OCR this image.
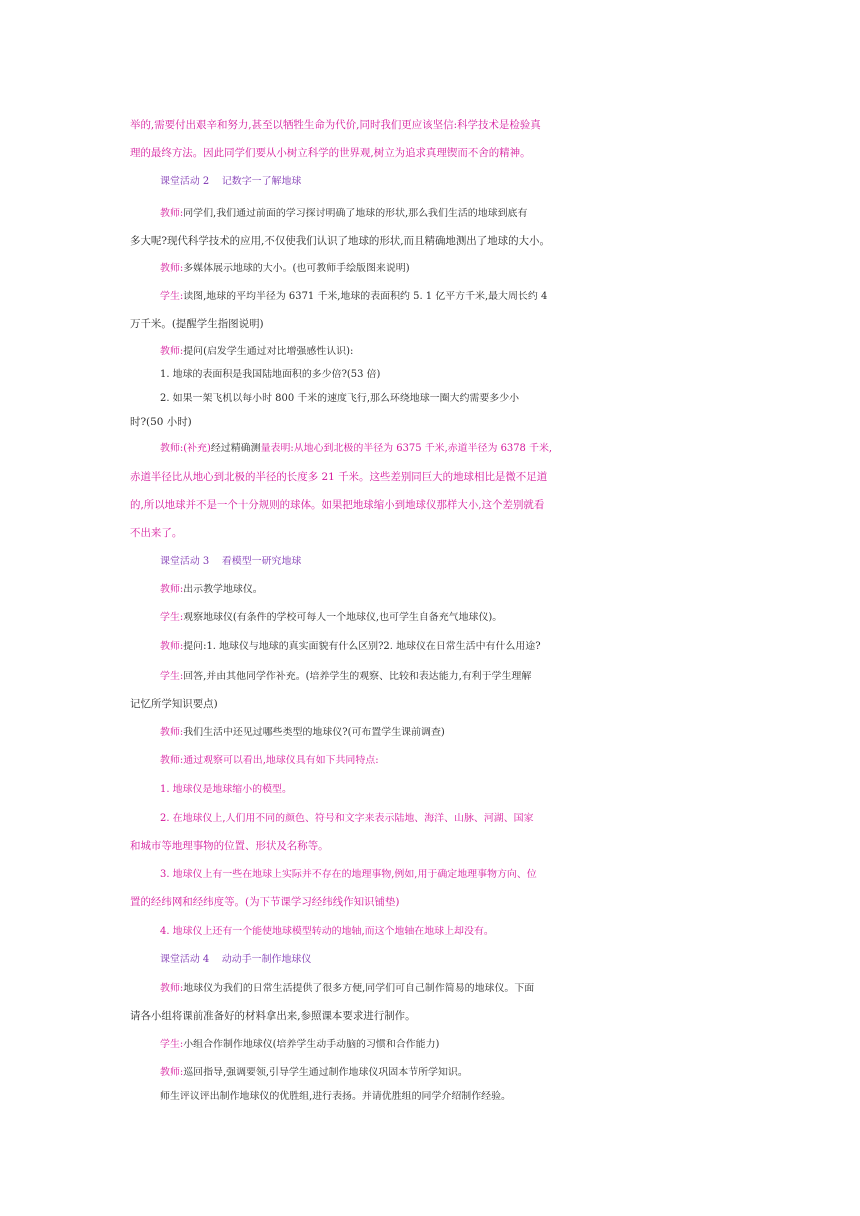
举的,需要付出艰辛和努力,甚至以牺牲生命为代价,同时我们更应该坚信:科学技术是检验真
理的最终方法。因此同学们要从小树立科学的世界观,树立为追求真理锲而不舍的精神。
课堂活动 2    记数字一了解地球
教师:同学们,我们通过前面的学习探讨明确了地球的形状,那么我们生活的地球到底有
多大呢?现代科学技术的应用,不仅使我们认识了地球的形状,而且精确地测出了地球的大小。
教师:多媒体展示地球的大小。(也可教师手绘版图来说明)
学生:读图,地球的平均半径为 6371 千米,地球的表面积约 5. 1 亿平方千米,最大周长约 4
万千米。(提醒学生指图说明)
教师:提问(启发学生通过对比增强感性认识):
1. 地球的表面积是我国陆地面积的多少倍?(53 倍)
2. 如果一架飞机以每小时 800 千米的速度飞行,那么环绕地球一圈大约需要多少小
时?(50 小时)
教师:(补充)经过精确测量表明:从地心到北极的半径为 6375 千米,赤道半径为 6378 千米,
赤道半径比从地心到北极的半径的长度多 21 千米。这些差别同巨大的地球相比是微不足道
的,所以地球并不是一个十分规则的球体。如果把地球缩小到地球仪那样大小,这个差别就看
不出来了。
课堂活动 3    看模型一研究地球
教师:出示教学地球仪。
学生:观察地球仪(有条件的学校可每人一个地球仪,也可学生自备充气地球仪)。
教师:提问:1. 地球仪与地球的真实面貌有什么区别?2. 地球仪在日常生活中有什么用途?
学生:回答,并由其他同学作补充。(培养学生的观察、比较和表达能力,有利于学生理解
记忆所学知识要点)
教师:我们生活中还见过哪些类型的地球仪?(可布置学生课前调查)
教师:通过观察可以看出,地球仪具有如下共同特点:
1. 地球仪是地球缩小的模型。
2. 在地球仪上,人们用不同的颜色、符号和文字来表示陆地、海洋、山脉、河湖、国家
和城市等地理事物的位置、形状及名称等。
3. 地球仪上有一些在地球上实际并不存在的地理事物,例如,用于确定地理事物方向、位
置的经纬网和经纬度等。(为下节课学习经纬线作知识铺垫)
4. 地球仪上还有一个能使地球模型转动的地轴,而这个地轴在地球上却没有。
课堂活动 4    动动手一制作地球仪
教师:地球仪为我们的日常生活提供了很多方便,同学们可自己制作简易的地球仪。下面
请各小组将课前准备好的材料拿出来,参照课本要求进行制作。
学生:小组合作制作地球仪(培养学生动手动脑的习惯和合作能力)
教师:巡回指导,强调要领,引导学生通过制作地球仪巩固本节所学知识。
师生评议评出制作地球仪的优胜组,进行表扬。并请优胜组的同学介绍制作经验。
